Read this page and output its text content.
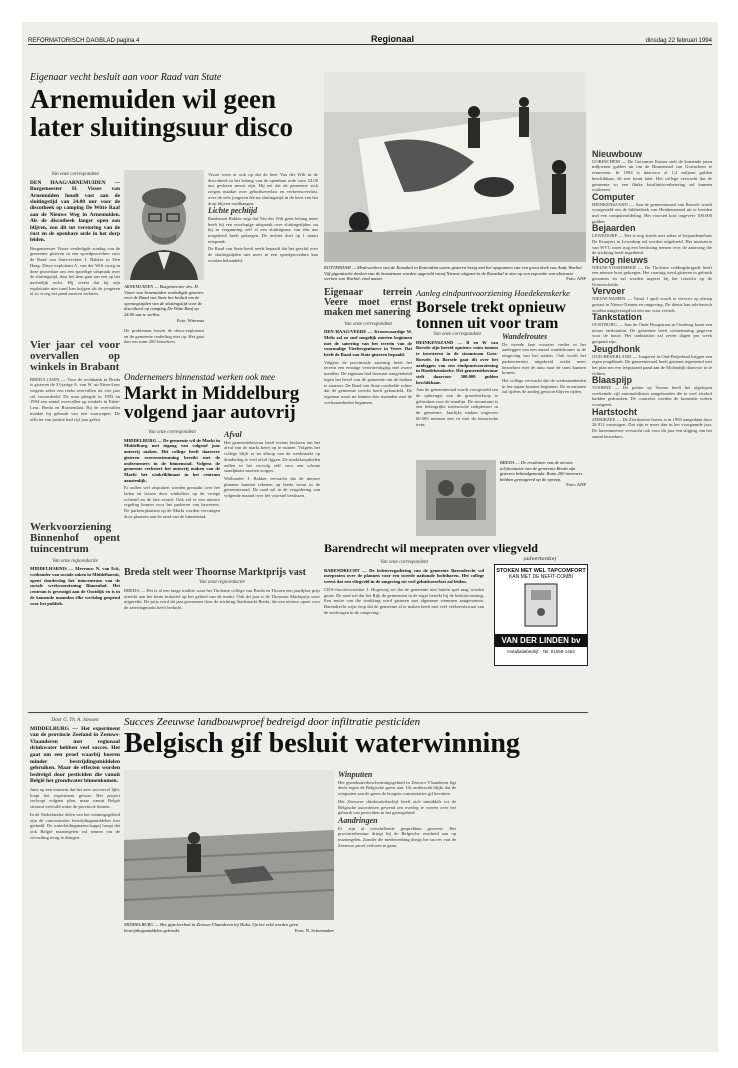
REFORMATORISCH DAGBLAD pagina 4	Regionaal	dinsdag 22 februari 1994
Eigenaar vecht besluit aan voor Raad van State
Arnemuiden wil geen later sluitingsuur disco
Van onze correspondent

DEN HAAG/ARNEMUIDEN — Burgemeester H. Visser van Arnemuiden houdt vast aan de sluitingstijd van 24.00 uur voor de discotheek op camping De Witte Raaf aan de Nieuwe Weg in Arnemuiden. Als de discotheek langer open zou blijven, zou dit tot verstoring van de rust en de openbare orde in het dorp leiden.

Burgemeester Visser verdedigde zondag van de gemeente gisteren in een spoedprocedure voor de Raad van State-rechter J. Bakker in Den Haag. Disco-exploitant A. van der Wilt vroeg in deze procedure om een spoedige uitspraak over de sluitingstijd, daar het hem gaat om een op het nachtelijk recht. Hij vreest dat hij zijn exploitatie niet rond kan krijgen als de jongeren al zo vroeg het pand moeten verlaten.

ARNEMUIDEN — Burgemeester drs. H. Visser van Arnemuiden verdedigde gisteren voor de Raad van State het besluit om de openingstijden van de sluitingstijd voor de discotheek op camping De Witte Raaf op 24.00 uur te stellen.
Foto: Wiersma

De problemen lossen de disco-exploitant en de gemeente onderling niet op. Het gaat dan om ruim 200 bezoekers.

Visser wees er ook op dat de heer Van der Wilt in de discotheek in het belang van de openbare orde voor 24.00 uur gesloten moest zijn. Hij zei dat de gemeente zich zorgen maakte over geluidsoverlast en verkeersoverlast, over de vele jongeren die na sluitingstijd in de kern van het dorp blijven rondhangen.

Lichte pechtijd

Raadsman Bakker zegt dat Van der Wilt geen belang meer heeft bij een voorlopige uitspraak over sluitingstijden, nu hij in vergunning zelf al een sluitingsuur van één uur toegekend heeft gekregen. De rechter doet op 1 maart uitspraak.

De Raad van State heeft reeds bepaald dat het geschil over de sluitingstijden niet meer in een spoedprocedure kan worden behandeld.

ROTTERDAM — Medewerkers van de Kunsthal in Rotterdam waren gisteren bezig met het opspannen van een groot doek van Andy Warhol. Vijf gigantische doeken van de kunstenaar worden opgerold vanaf Nieuwe uitgezet in de Kunsthal te zien op een expositie van abstracte werken van Warhol, eind maart.	Foto: ANP
Nieuwbouw

GORINCHEM — De Gorcumse Kamer stelt de komende jaren miljoenen gulden uit om de Binnenstad van Gorinchem te renoveren. In 1994 is daarvoor al 1,4 miljoen gulden beschikbaar, de rest komt later. Het college verwacht dat de gemeente zo een flinke kwaliteitsverbetering zal kunnen realiseren.

Computer

HEINKENSZAND — Aan de gemeenteraad van Borsele wordt voorgesteld om de bibliotheek van Heinkenszand uit te breiden met een computerafdeling. Het voorstel kost ongeveer 100.000 gulden.

Bejaarden

LEWEDORP — Het is nog steeds niet zeker of bejaardentehuis De Kraayert in Lewedorp zal worden uitgebreid. Het ministerie van WVC moet nog een beslissing nemen over de aanvraag die de stichting heeft ingediend.

Hoog nieuws

NIEUW-VOSSEMEER — De Tholense reddingsbrigade heeft een nieuwe boot gekregen. Het vaartuig werd gisteren in gebruik genomen en zal worden ingezet bij het toezicht op de Oosterschelde.

Vervoer

NIEUW-NAMEN — Vanaf 1 april wordt er vervoer op afroep gestart in Nieuw-Namen en omgeving. De dienst kan telefonisch worden aangevraagd tot een uur voor vertrek.

Tankstation

OOSTBURG — Aan de Oude Hoogstraat in Oostburg komt een nieuw tankstation. De gemeente heeft toestemming gegeven voor de bouw. Het tankstation zal zeven dagen per week geopend zijn.

Jeugdhonk

OUD-BEIJERLAND — Jongeren in Oud-Beijerland krijgen een eigen jeugdhonk. De gemeenteraad heeft gisteren ingestemd met het plan om een leegstaand pand aan de Molendijk daarvoor in te richten.

Blaaspijp

VOORNE — De politie op Voorne heeft het afgelopen weekeinde vijf automobilisten aangehouden die te veel alcohol hadden gedronken. De controles worden de komende weken voortgezet.

Hartstocht

ZIERIKZEE — De Zierikzeese haven is in 1993 aangedaan door 26.912 vaartuigen. Dat zijn er meer dan in het voorgaande jaar. De havenmeester verwacht ook voor dit jaar een stijging van het aantal bezoekers.

Vier jaar cel voor overvallen op winkels in Brabant

BREDA (ANP) — Voor de rechtbank in Breda is gisteren de 33-jarige A. van W. uit Etten-Leur wegens zeker een reeks overvallen tot vier jaar cel veroordeeld. De man pleegde in 1993 en 1994 een aantal overvallen op winkels in Etten-Leur, Breda en Roosendaal. Bij de overvallen maakte hij gebruik van een vuurwapen. De officier van justitie had vijf jaar geëist.

Werkvoorziening Binnenhof opent tuincentrum
Van onze regioredactie

MIDDELHARNIS — Mevrouw N. van Eck, wethouder van sociale zaken in Middelharnis, opent donderdag het tuincentrum van de sociale werkvoorziening Binnenhof. Het centrum is gevestigd aan de Oostdijk en is in de komende maanden elke werkdag geopend voor het publiek.

Ondernemers binnenstad werken ook mee
Markt in Middelburg volgend jaar autovrij
Van onze correspondent

MIDDELBURG — De gemeente wil de Markt in Middelburg met ingang van volgend jaar autovrij maken. Het college heeft daarover gisteren overeenstemming bereikt met de ondernemers in de binnenstad. Volgens de gemeente verbetert het autovrij maken van de Markt het winkelklimaat in het centrum aanzienlijk.

Er zullen wel afspraken worden gemaakt over het laden en lossen door winkeliers op de vroege ochtend en de late avond. Ook zal er een nieuwe regeling komen voor het parkeren van bewoners. De parkeerplaatsen op de Markt worden vervangen door plaatsen aan de rand van de binnenstad.

Afval

Het gemeentebestuur heeft tevens besloten om het afval van de markt beter op te ruimen. Volgens het college blijft er na afloop van de weekmarkt op donderdag te veel afval liggen. De marktkooplieden zullen in het vervolg zelf voor een schone standplaats moeten zorgen.

Wethouder J. Bakker verwacht dat de nieuwe plannen kunnen rekenen op brede steun in de gemeenteraad. De raad zal in de vergadering van volgende maand over het voorstel beslissen.

Breda stelt weer Thoornse Marktprijs vast
Van onze regioredactie

BREDA — Het is al een lange traditie waar het Tholense college van Breda en Thoorn een jaarlijkse prijs uitreikt aan het beste initiatief op het gebied van de markt. Ook dit jaar is de Thoornse Marktprijs weer uitgereikt. De prijs werd dit jaar gewonnen door de stichting Stadsmarkt Breda, die een nieuwe opzet voor de zaterdagmarkt heeft bedacht.

Eigenaar terrein Veere moet ernst maken met sanering
Van onze correspondent

DEN HAAG/VEERE — Kroonwaardige W. Melis zal zo snel mogelijk moeten beginnen met de sanering van het terrein van de voormalige Vierbergenhoeve in Veere. Dat heeft de Raad van State gisteren bepaald.

Volgens de provinciale sanering heeft het terrein een ernstige verontreiniging met zware metalen. De eigenaar had bezwaar aangetekend tegen het bevel van de gemeente om de bodem te saneren. De Raad van State oordeelde echter dat de gemeente terecht heeft gehandeld. De eigenaar moet nu binnen drie maanden met de werkzaamheden beginnen.

Aanleg eindpuntvoorziening Hoedekenskerke
Borsele trekt opnieuw tonnen uit voor tram
Van onze correspondent

HEINKENSZAND — B en W van Borsele zijn bereid opnieuw ruim tonnen te investeren in de stoomtram Goes-Borsele. In Borsele gaat dit over het aanleggen van een eindpuntvoorziening in Hoedekenskerke. Het gemeentebestuur stelt daarvoor 300.000 gulden beschikbaar.

Aan de gemeenteraad wordt voorgesteld om de opbrengst van de grondverkoop te gebruiken voor de tramlijn. De stoomtram is een belangrijke toeristische trekpleister in de gemeente. Jaarlijks maken ongeveer 60.000 mensen een rit met de historische trein.

Wandelroutes

De tweede fase voorziet verder in het aanleggen van een aantal wandelroutes in de omgeving van het station. Ook wordt het parkeerterrein uitgebreid zodat meer bezoekers met de auto naar de tram kunnen komen.

Het college verwacht dat de werkzaamheden in het najaar kunnen beginnen. De stoomtram zal tijdens de aanleg gewoon blijven rijden.

BREDA — De resultaten van de nieuwe telefoonactie van de gemeente Breda zijn gisteren bekendgemaakt. Ruim 200 inwoners hebben gereageerd op de oproep.
Foto: ANP
Barendrecht wil meepraten over vliegveld
Van onze correspondent

BARENDRECHT — De ledenvergadering van de gemeente Barendrecht wil meepraten over de plannen voor een tweede nationale luchthaven. Het college vreest dat een vliegveld in de omgeving tot veel geluidsoverlast zal leiden.

CDA-fractievoorzitter J. Hogeweg zei dat de gemeente niet buiten spel mag worden gezet. De raad wil dat het Rijk de gemeenten in de regio betrekt bij de besluitvorming. Een motie van die strekking werd gisteren met algemene stemmen aangenomen. Barendrecht wijst erop dat de gemeente al te maken heeft met veel verkeerslawaai van de snelwegen in de omgeving.

(advertentie)
STOKEN MET WEL TAPCOMFORT
KAN MET DE NEFIT-COMBI
VAN DER LINDEN bv
Installatiebedrijf · Tel. 01659-1463
Door G. Th. A. Janssen

MIDDELBURG — Het experiment van de provincie Zeeland in Zeeuws-Vlaanderen met regionaal drinkwater hebben veel succes. Het gaat om een proef waarbij boeren minder bestrijdingsmiddelen gebruiken. Maar de effecten worden bedreigd door pesticiden die vanuit België het grondwater binnenkomen.

Juist op een moment dat het zeer succesvol lijkt, loopt het experiment gevaar. Het project verloopt volgens plan, maar vanuit België stroomt vervuild water de provincie binnen.

In de Nederlandse delen van het winningsgebied zijn de concentraties bestrijdingsmiddelen fors gedaald. De waterleidingmaatschappij hoopt dat ook België maatregelen zal nemen om de vervuiling terug te dringen.

Succes Zeeuwse landbouwproef bedreigd door infiltratie pesticiden
Belgisch gif besluit waterwinning
MIDDELBURG — Het gijzelverbod in Zeeuws-Vlaanderen bij Hulst. Op het veld worden geen bestrijdingsmiddelen gebruikt.	Foto: N. Schoemaker
Winputten

Het grondwaterbeschermingsgebied in Zeeuws-Vlaanderen ligt deels tegen de Belgische grens aan. Uit onderzoek blijkt dat de winputten aan de grens de hoogste concentraties gif bevatten.

Het Zeeuwse drinkwaterbedrijf heeft zich inmiddels tot de Belgische autoriteiten gewend om overleg te voeren over het gebruik van pesticiden in het grensgebied.

Aandringen

Er zijn al verschillende gesprekken geweest. Het provinciebestuur dringt bij de Belgische overheid aan op maatregelen. Zonder die medewerking dreigt het succes van de Zeeuwse proef verloren te gaan.
